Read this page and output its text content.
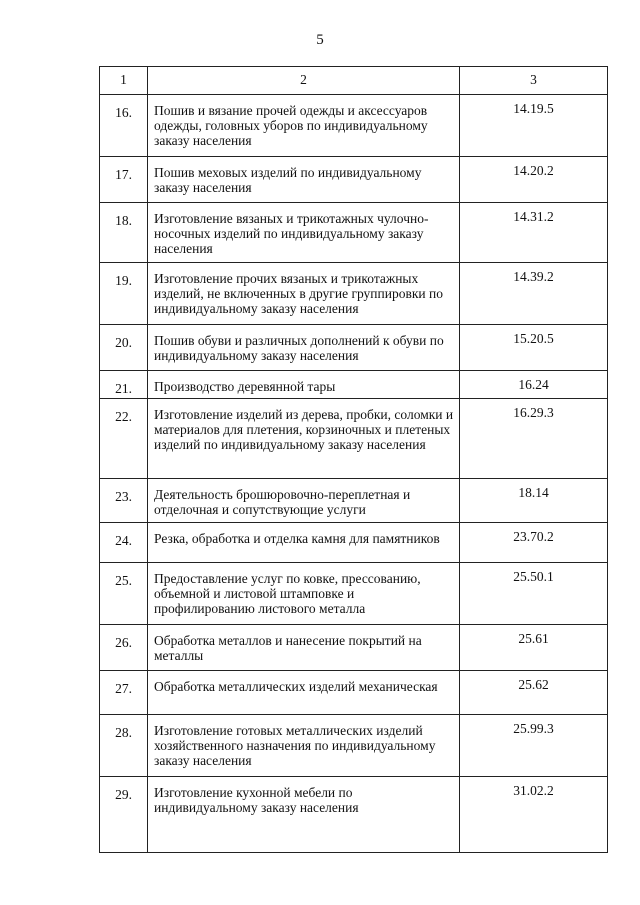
5
1	2	3
16.	Пошив и вязание прочей одежды и аксессуаров одежды, головных уборов по индивидуальному заказу населения	14.19.5
17.	Пошив меховых изделий по индивидуальному заказу населения	14.20.2
18.	Изготовление вязаных и трикотажных чулочно-носочных изделий по индивидуальному заказу населения	14.31.2
19.	Изготовление прочих вязаных и трикотажных изделий, не включенных в другие группировки по индивидуальному заказу населения	14.39.2
20.	Пошив обуви и различных дополнений к обуви по индивидуальному заказу населения	15.20.5
21.	Производство деревянной тары	16.24
22.	Изготовление изделий из дерева, пробки, соломки и материалов для плетения, корзиночных и плетеных изделий по индивидуальному заказу населения	16.29.3
23.	Деятельность брошюровочно-переплетная и отделочная и сопутствующие услуги	18.14
24.	Резка, обработка и отделка камня для памятников	23.70.2
25.	Предоставление услуг по ковке, прессованию, объемной и листовой штамповке и профилированию листового металла	25.50.1
26.	Обработка металлов и нанесение покрытий на металлы	25.61
27.	Обработка металлических изделий механическая	25.62
28.	Изготовление готовых металлических изделий хозяйственного назначения по индивидуальному заказу населения	25.99.3
29.	Изготовление кухонной мебели по индивидуальному заказу населения	31.02.2
